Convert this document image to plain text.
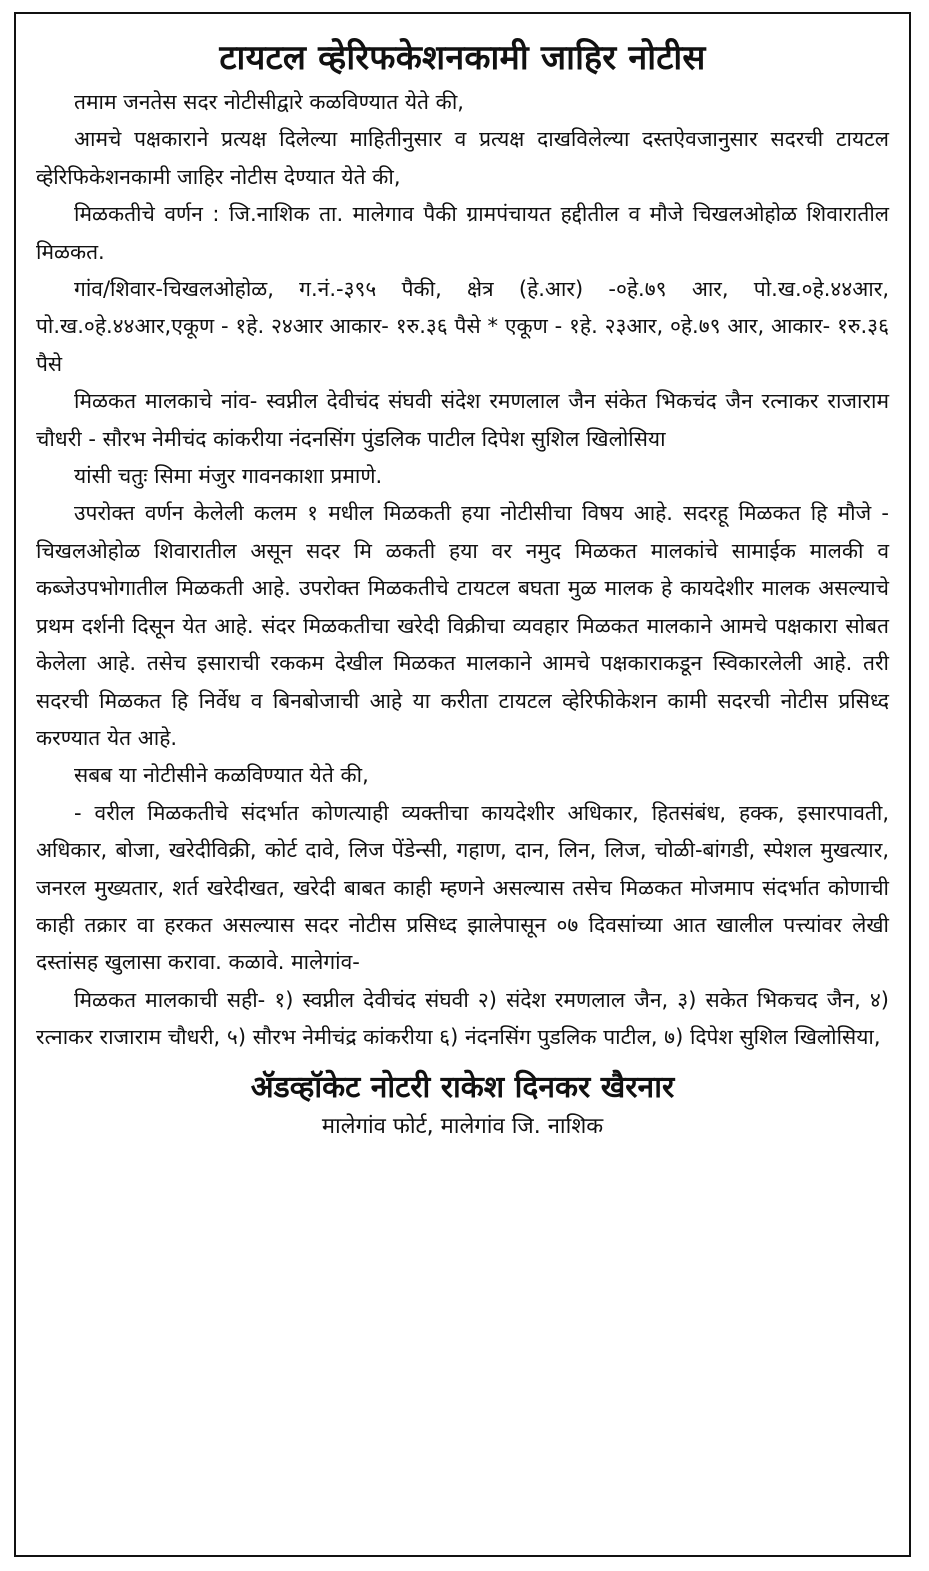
टायटल व्हेरिफकेशनकामी जाहिर नोटीस

तमाम जनतेस सदर नोटीसीद्वारे कळविण्यात येते की,

आमचे पक्षकाराने प्रत्यक्ष दिलेल्या माहितीनुसार व प्रत्यक्ष दाखविलेल्या दस्तऐवजानुसार सदरची टायटल व्हेरिफिकेशनकामी जाहिर नोटीस देण्यात येते की,

मिळकतीचे वर्णन : जि.नाशिक ता. मालेगाव पैकी ग्रामपंचायत हद्दीतील व मौजे चिखलओहोळ शिवारातील मिळकत.

गांव/शिवार-चिखलओहोळ, ग.नं.-३९५ पैकी, क्षेत्र (हे.आर) -०हे.७९ आर, पो.ख.०हे.४४आर, पो.ख.०हे.४४आर,एकूण - १हे. २४आर आकार- १रु.३६ पैसे * एकूण - १हे. २३आर, ०हे.७९ आर, आकार- १रु.३६ पैसे

मिळकत मालकाचे नांव- स्वप्नील देवीचंद संघवी संदेश रमणलाल जैन संकेत भिकचंद जैन रत्नाकर राजाराम चौधरी - सौरभ नेमीचंद कांकरीया नंदनसिंग पुंडलिक पाटील दिपेश सुशिल खिलोसिया

यांसी चतुः सिमा मंजुर गावनकाशा प्रमाणे.

उपरोक्त वर्णन केलेली कलम १ मधील मिळकती हया नोटीसीचा विषय आहे. सदरहू मिळकत हि मौजे - चिखलओहोळ शिवारातील असून सदर मि ळकती हया वर नमुद मिळकत मालकांचे सामाईक मालकी व कब्जेउपभोगातील मिळकती आहे. उपरोक्त मिळकतीचे टायटल बघता मुळ मालक हे कायदेशीर मालक असल्याचे प्रथम दर्शनी दिसून येत आहे. संदर मिळकतीचा खरेदी विक्रीचा व्यवहार मिळकत मालकाने आमचे पक्षकारा सोबत केलेला आहे. तसेच इसाराची रककम देखील मिळकत मालकाने आमचे पक्षकाराकडून स्विकारलेली आहे. तरी सदरची मिळकत हि निर्वेध व बिनबोजाची आहे या करीता टायटल व्हेरिफीकेशन कामी सदरची नोटीस प्रसिध्द करण्यात येत आहे.

सबब या नोटीसीने कळविण्यात येते की,

- वरील मिळकतीचे संदर्भात कोणत्याही व्यक्तीचा कायदेशीर अधिकार, हितसंबंध, हक्क, इसारपावती, अधिकार, बोजा, खरेदीविक्री, कोर्ट दावे, लिज पेंडेन्सी, गहाण, दान, लिन, लिज, चोळी-बांगडी, स्पेशल मुखत्यार, जनरल मुख्यतार, शर्त खरेदीखत, खरेदी बाबत काही म्हणने असल्यास तसेच मिळकत मोजमाप संदर्भात कोणाची काही तक्रार वा हरकत असल्यास सदर नोटीस प्रसिध्द झालेपासून ०७ दिवसांच्या आत खालील पत्त्यांवर लेखी दस्तांसह खुलासा करावा. कळावे. मालेगांव-

मिळकत मालकाची सही- १) स्वप्नील देवीचंद संघवी २) संदेश रमणलाल जैन, ३) सकेत भिकचद जैन, ४) रत्नाकर राजाराम चौधरी, ५) सौरभ नेमीचंद्र कांकरीया ६) नंदनसिंग पुडलिक पाटील, ७) दिपेश सुशिल खिलोसिया,

ॲडव्हॉकेट नोटरी राकेश दिनकर खैरनार
मालेगांव फोर्ट, मालेगांव जि. नाशिक
